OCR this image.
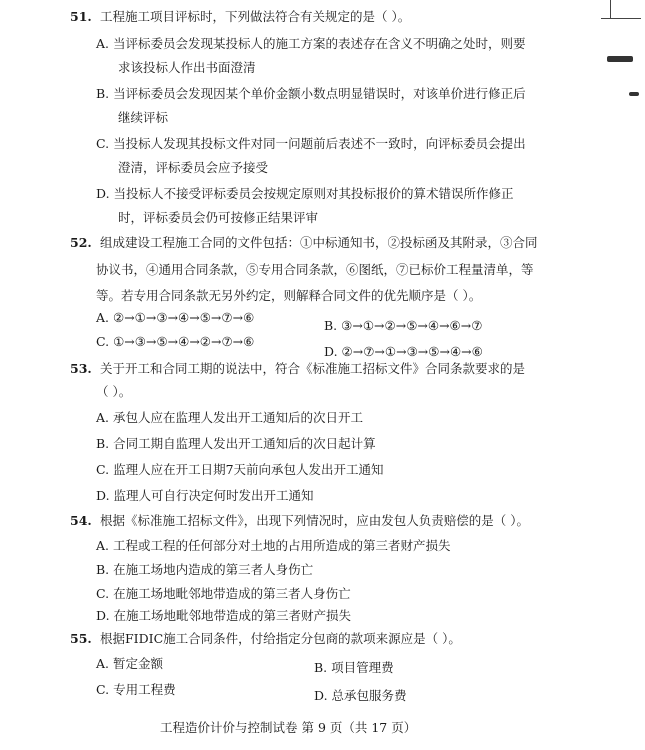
51. 工程施工项目评标时，下列做法符合有关规定的是（ ）。
A. 当评标委员会发现某投标人的施工方案的表述存在含义不明确之处时，则要
求该投标人作出书面澄清
B. 当评标委员会发现因某个单价金额小数点明显错误时，对该单价进行修正后
继续评标
C. 当投标人发现其投标文件对同一问题前后表述不一致时，向评标委员会提出
澄清，评标委员会应予接受
D. 当投标人不接受评标委员会按规定原则对其投标报价的算术错误所作修正
时，评标委员会仍可按修正结果评审
52. 组成建设工程施工合同的文件包括：①中标通知书，②投标函及其附录，③合同
协议书，④通用合同条款，⑤专用合同条款，⑥图纸，⑦已标价工程量清单，等
等。若专用合同条款无另外约定，则解释合同文件的优先顺序是（ ）。
A. ②→①→③→④→⑤→⑦→⑥
B. ③→①→②→⑤→④→⑥→⑦
C. ①→③→⑤→④→②→⑦→⑥
D. ②→⑦→①→③→⑤→④→⑥
53. 关于开工和合同工期的说法中，符合《标准施工招标文件》合同条款要求的是
（ ）。
A. 承包人应在监理人发出开工通知后的次日开工
B. 合同工期自监理人发出开工通知后的次日起计算
C. 监理人应在开工日期7天前向承包人发出开工通知
D. 监理人可自行决定何时发出开工通知
54. 根据《标准施工招标文件》，出现下列情况时，应由发包人负责赔偿的是（ ）。
A. 工程或工程的任何部分对土地的占用所造成的第三者财产损失
B. 在施工场地内造成的第三者人身伤亡
C. 在施工场地毗邻地带造成的第三者人身伤亡
D. 在施工场地毗邻地带造成的第三者财产损失
55. 根据FIDIC施工合同条件，付给指定分包商的款项来源应是（ ）。
A. 暂定金额	B. 项目管理费
C. 专用工程费	D. 总承包服务费
工程造价计价与控制试卷 第 9 页（共 17 页）
